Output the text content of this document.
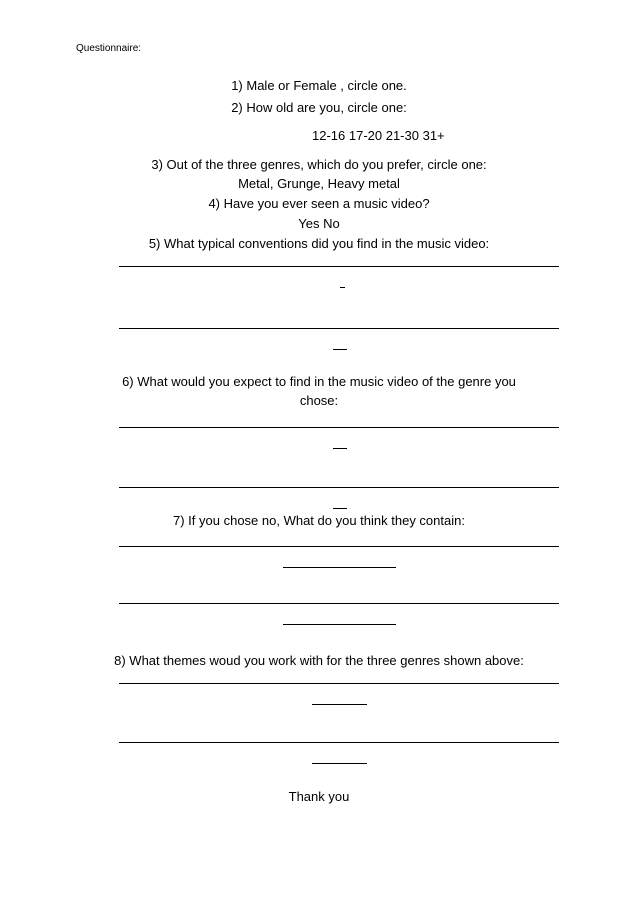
Questionnaire:
1) Male or Female , circle one.
2) How old are you, circle one:
12-16 17-20 21-30 31+
3) Out of the three genres, which do you prefer, circle one:
Metal, Grunge, Heavy metal
4) Have you ever seen a music video?
Yes No
5) What typical conventions did you find in the music video:
6) What would you expect to find in the music video of the genre you
chose:
7) If you chose no, What do you think they contain:
8) What themes woud you work with for the three genres shown above:
Thank you
